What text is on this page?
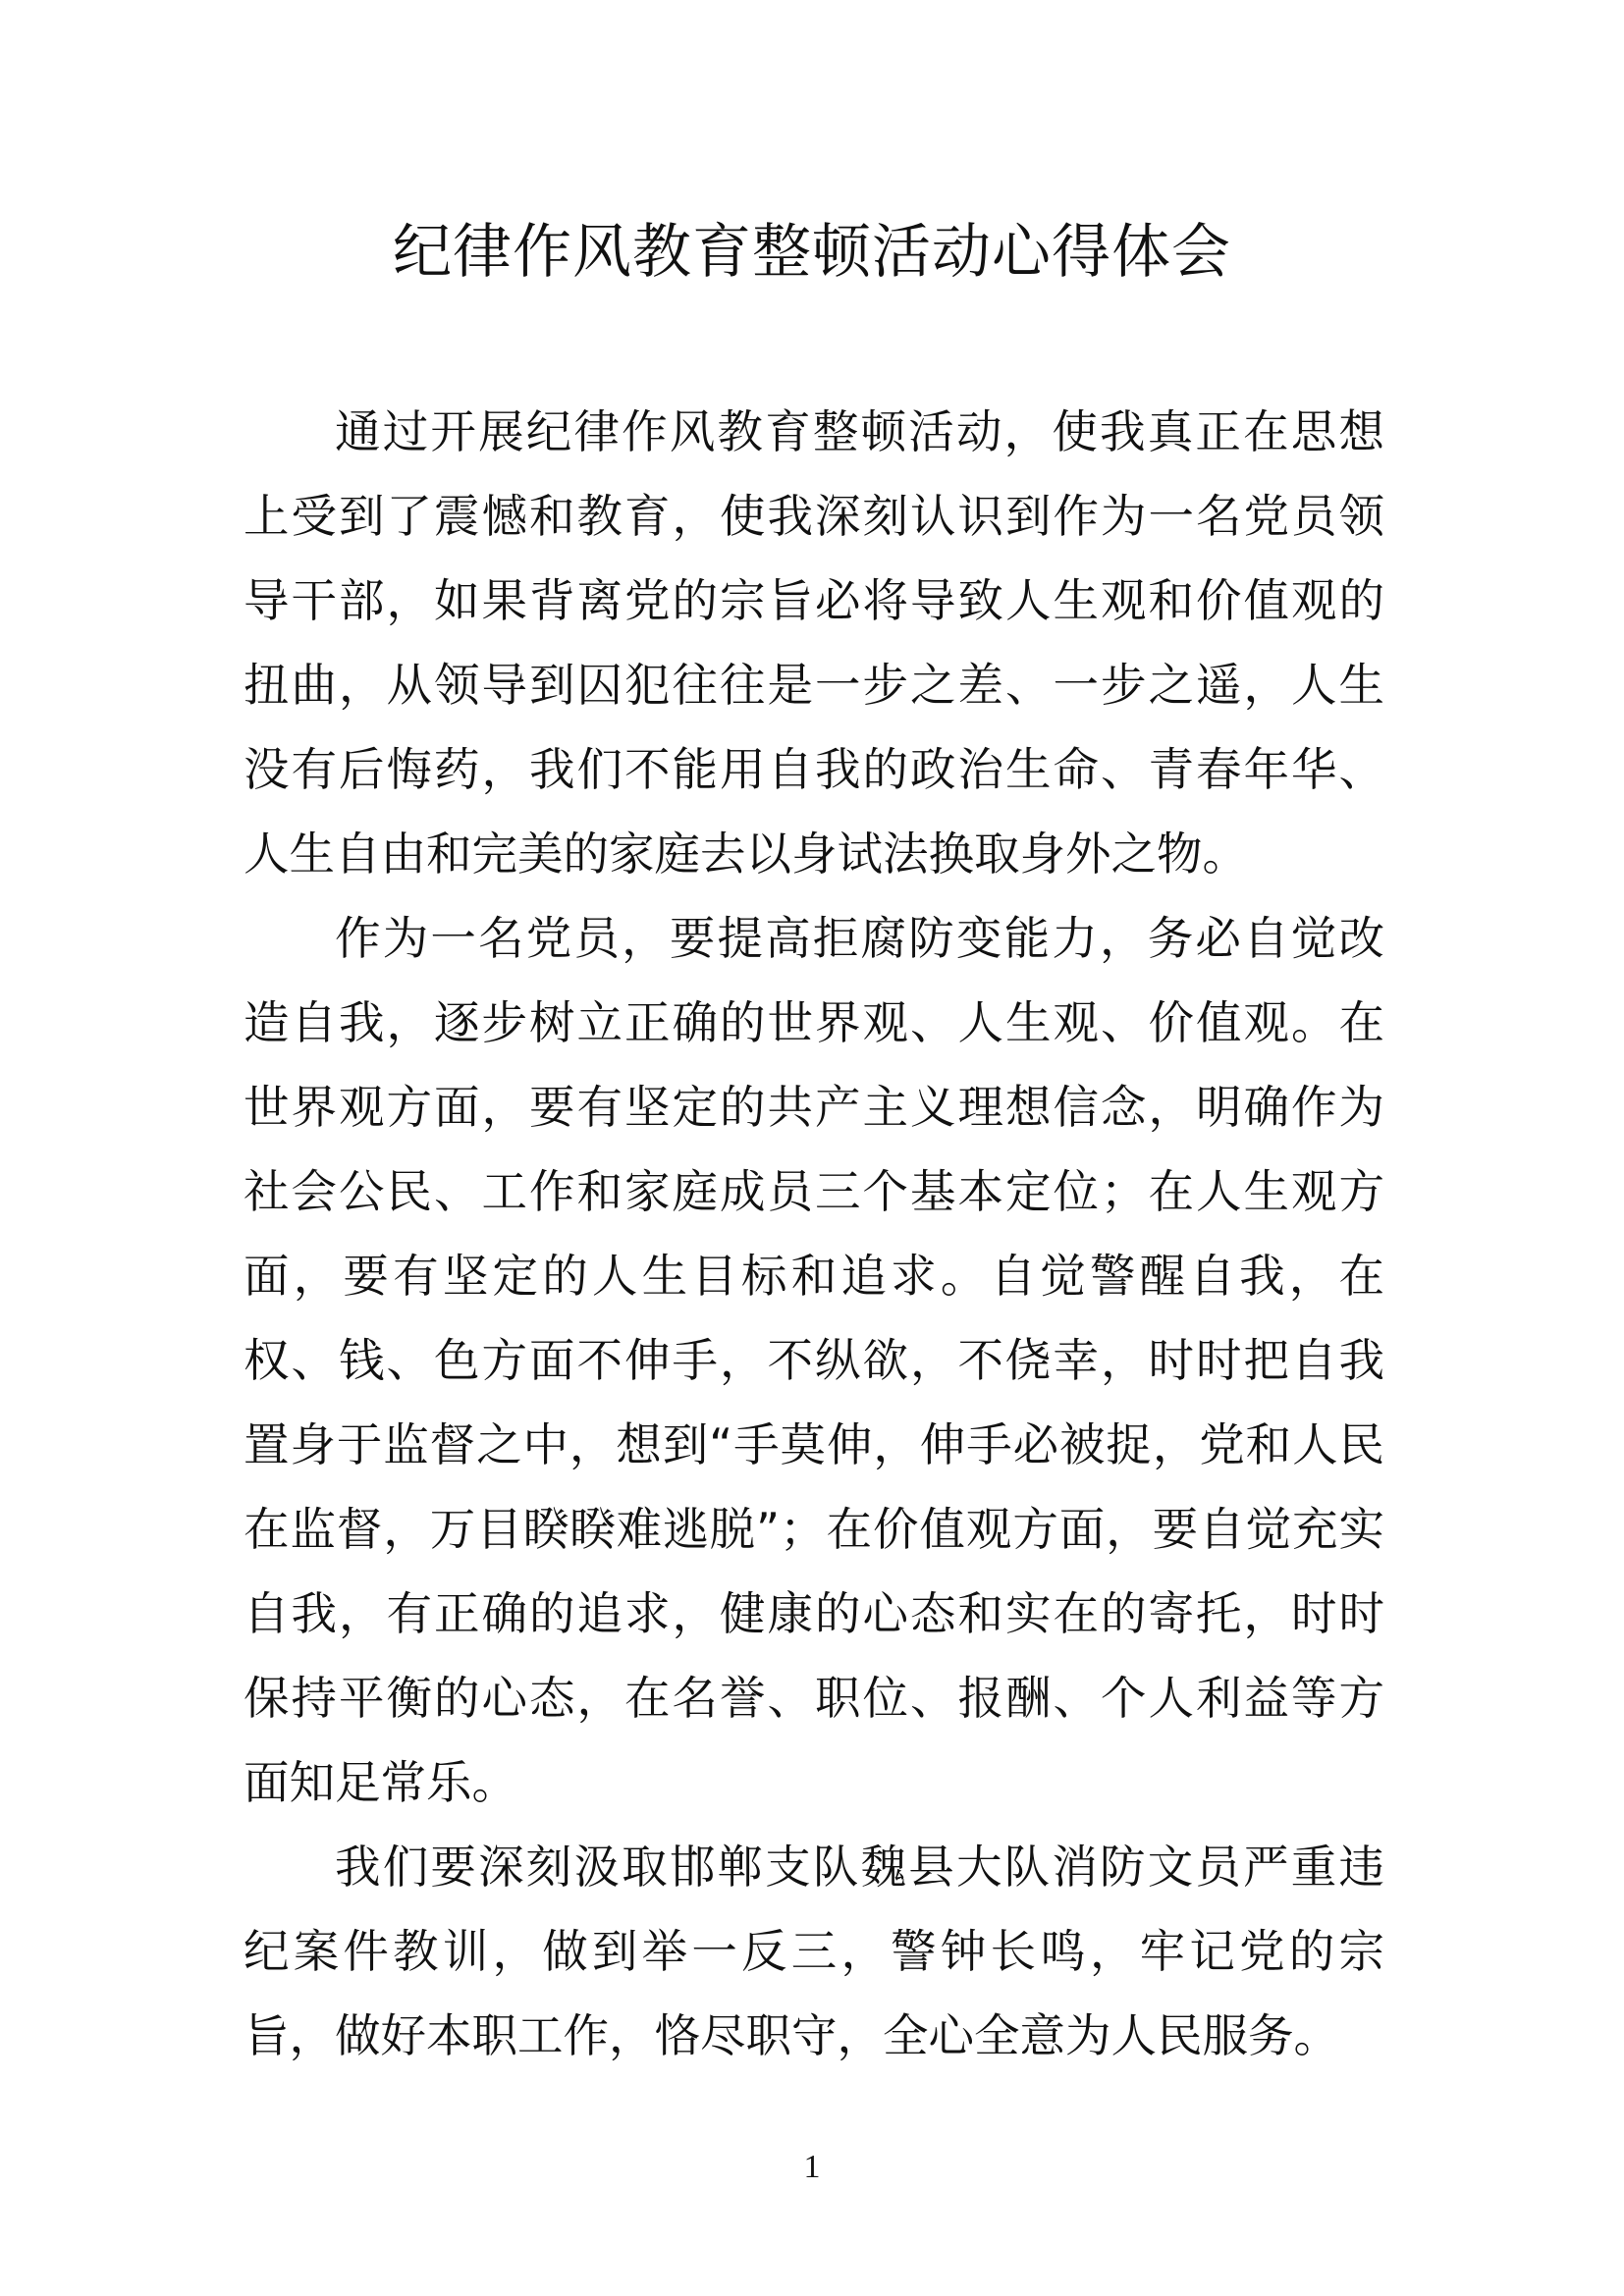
纪律作风教育整顿活动心得体会

通过开展纪律作风教育整顿活动，使我真正在思想上受到了震憾和教育，使我深刻认识到作为一名党员领导干部，如果背离党的宗旨必将导致人生观和价值观的扭曲，从领导到囚犯往往是一步之差、一步之遥，人生没有后悔药，我们不能用自我的政治生命、青春年华、人生自由和完美的家庭去以身试法换取身外之物。

作为一名党员，要提高拒腐防变能力，务必自觉改造自我，逐步树立正确的世界观、人生观、价值观。在世界观方面，要有坚定的共产主义理想信念，明确作为社会公民、工作和家庭成员三个基本定位；在人生观方面，要有坚定的人生目标和追求。自觉警醒自我，在权、钱、色方面不伸手，不纵欲，不侥幸，时时把自我置身于监督之中，想到“手莫伸，伸手必被捉，党和人民在监督，万目睽睽难逃脱”；在价值观方面，要自觉充实自我，有正确的追求，健康的心态和实在的寄托，时时保持平衡的心态，在名誉、职位、报酬、个人利益等方面知足常乐。

我们要深刻汲取邯郸支队魏县大队消防文员严重违纪案件教训，做到举一反三，警钟长鸣，牢记党的宗旨，做好本职工作，恪尽职守，全心全意为人民服务。

1
